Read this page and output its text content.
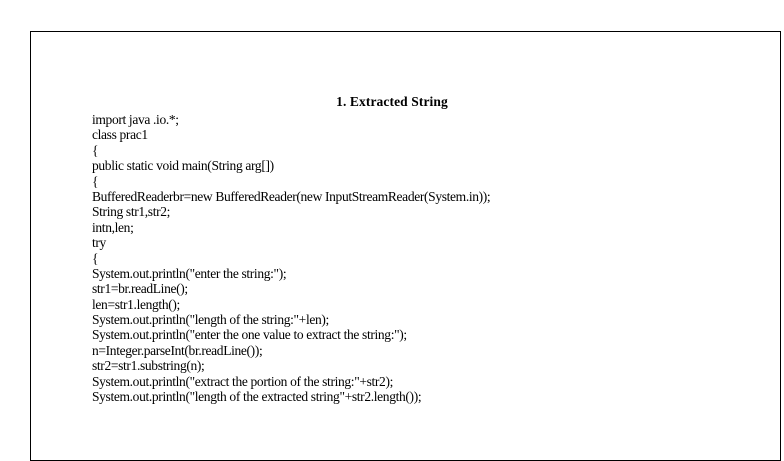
1. Extracted String
import java .io.*;
class prac1
{
public static void main(String arg[])
{
BufferedReaderbr=new BufferedReader(new InputStreamReader(System.in));
String str1,str2;
intn,len;
try
{
System.out.println("enter the string:");
str1=br.readLine();
len=str1.length();
System.out.println("length of the string:"+len);
System.out.println("enter the one value to extract the string:");
n=Integer.parseInt(br.readLine());
str2=str1.substring(n);
System.out.println("extract the portion of the string:"+str2);
System.out.println("length of the extracted string"+str2.length());
